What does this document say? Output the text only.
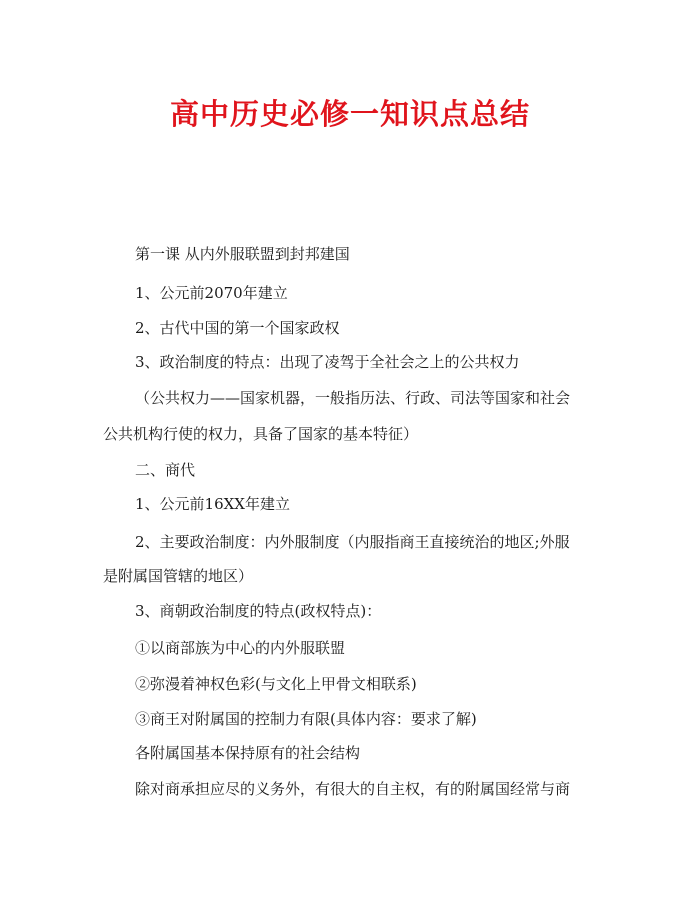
高中历史必修一知识点总结
第一课 从内外服联盟到封邦建国
1、公元前2070年建立
2、古代中国的第一个国家政权
3、政治制度的特点：出现了凌驾于全社会之上的公共权力
（公共权力——国家机器，一般指历法、行政、司法等国家和社会
公共机构行使的权力，具备了国家的基本特征）
二、商代
1、公元前16XX年建立
2、主要政治制度：内外服制度（内服指商王直接统治的地区;外服
是附属国管辖的地区）
3、商朝政治制度的特点(政权特点)：
①以商部族为中心的内外服联盟
②弥漫着神权色彩(与文化上甲骨文相联系)
③商王对附属国的控制力有限(具体内容：要求了解)
各附属国基本保持原有的社会结构
除对商承担应尽的义务外，有很大的自主权，有的附属国经常与商
